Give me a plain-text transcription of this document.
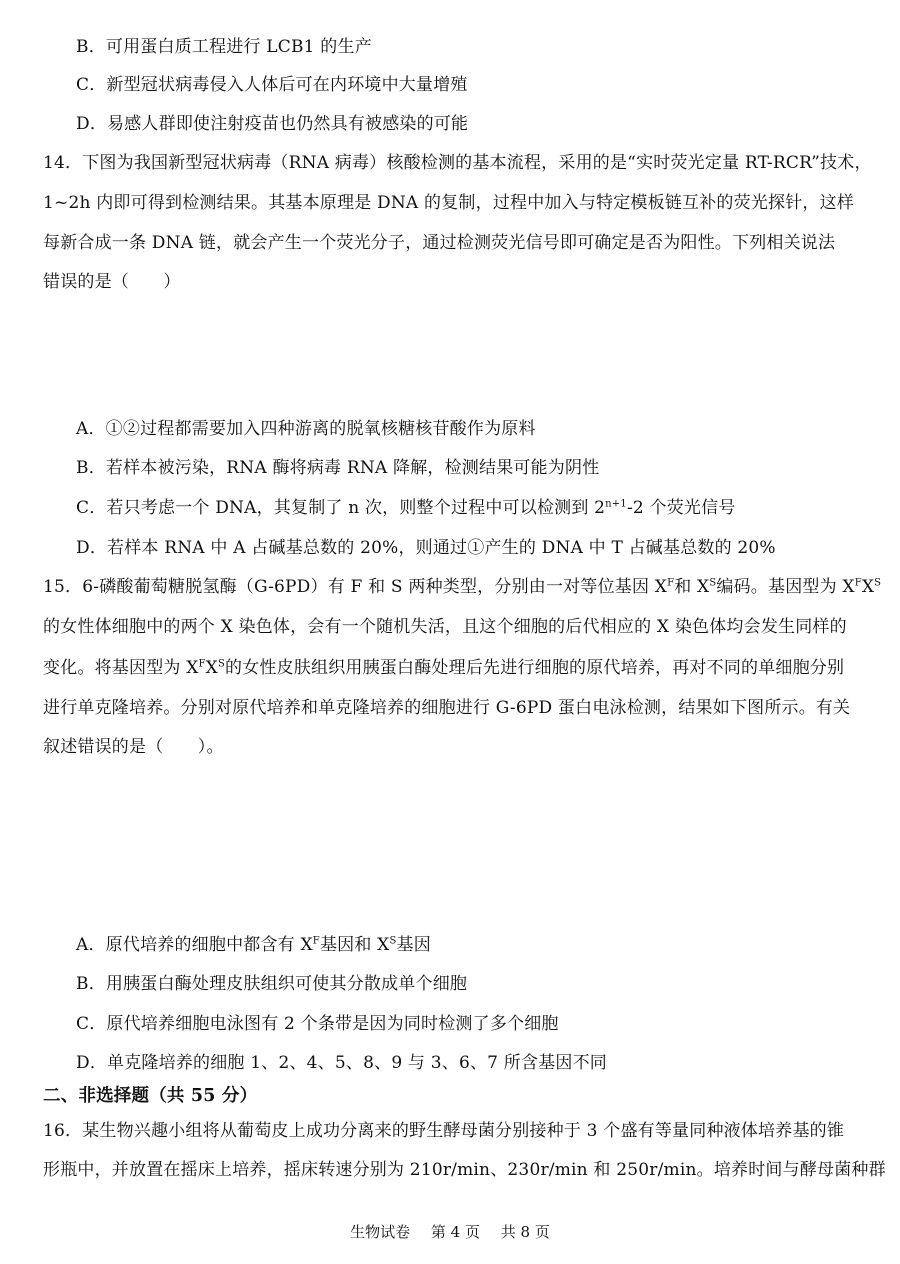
B．可用蛋白质工程进行 LCB1 的生产
C．新型冠状病毒侵入人体后可在内环境中大量增殖
D．易感人群即使注射疫苗也仍然具有被感染的可能
14．下图为我国新型冠状病毒（RNA 病毒）核酸检测的基本流程，采用的是“实时荧光定量 RT-RCR”技术，
1~2h 内即可得到检测结果。其基本原理是 DNA 的复制，过程中加入与特定模板链互补的荧光探针，这样
每新合成一条 DNA 链，就会产生一个荧光分子，通过检测荧光信号即可确定是否为阳性。下列相关说法
错误的是（　　）
A．①②过程都需要加入四种游离的脱氧核糖核苷酸作为原料
B．若样本被污染，RNA 酶将病毒 RNA 降解，检测结果可能为阴性
C．若只考虑一个 DNA，其复制了 n 次，则整个过程中可以检测到 $2^{n+1}-2$ 个荧光信号
D．若样本 RNA 中 A 占碱基总数的 20%，则通过①产生的 DNA 中 T 占碱基总数的 20%
15．6-磷酸葡萄糖脱氢酶（G-6PD）有 F 和 S 两种类型，分别由一对等位基因 $X^F$和 $X^S$编码。基因型为 $X^FX^S$
的女性体细胞中的两个 X 染色体，会有一个随机失活，且这个细胞的后代相应的 X 染色体均会发生同样的
变化。将基因型为 $X^FX^S$的女性皮肤组织用胰蛋白酶处理后先进行细胞的原代培养，再对不同的单细胞分别
进行单克隆培养。分别对原代培养和单克隆培养的细胞进行 G-6PD 蛋白电泳检测，结果如下图所示。有关
叙述错误的是（　　）。
A．原代培养的细胞中都含有 $X^F$基因和 $X^S$基因
B．用胰蛋白酶处理皮肤组织可使其分散成单个细胞
C．原代培养细胞电泳图有 2 个条带是因为同时检测了多个细胞
D．单克隆培养的细胞 1、2、4、5、8、9 与 3、6、7 所含基因不同
二、非选择题（共 55 分）
16．某生物兴趣小组将从葡萄皮上成功分离来的野生酵母菌分别接种于 3 个盛有等量同种液体培养基的锥
形瓶中，并放置在摇床上培养，摇床转速分别为 210r/min、230r/min 和 250r/min。培养时间与酵母菌种群
生物试卷 第 4 页 共 8 页
